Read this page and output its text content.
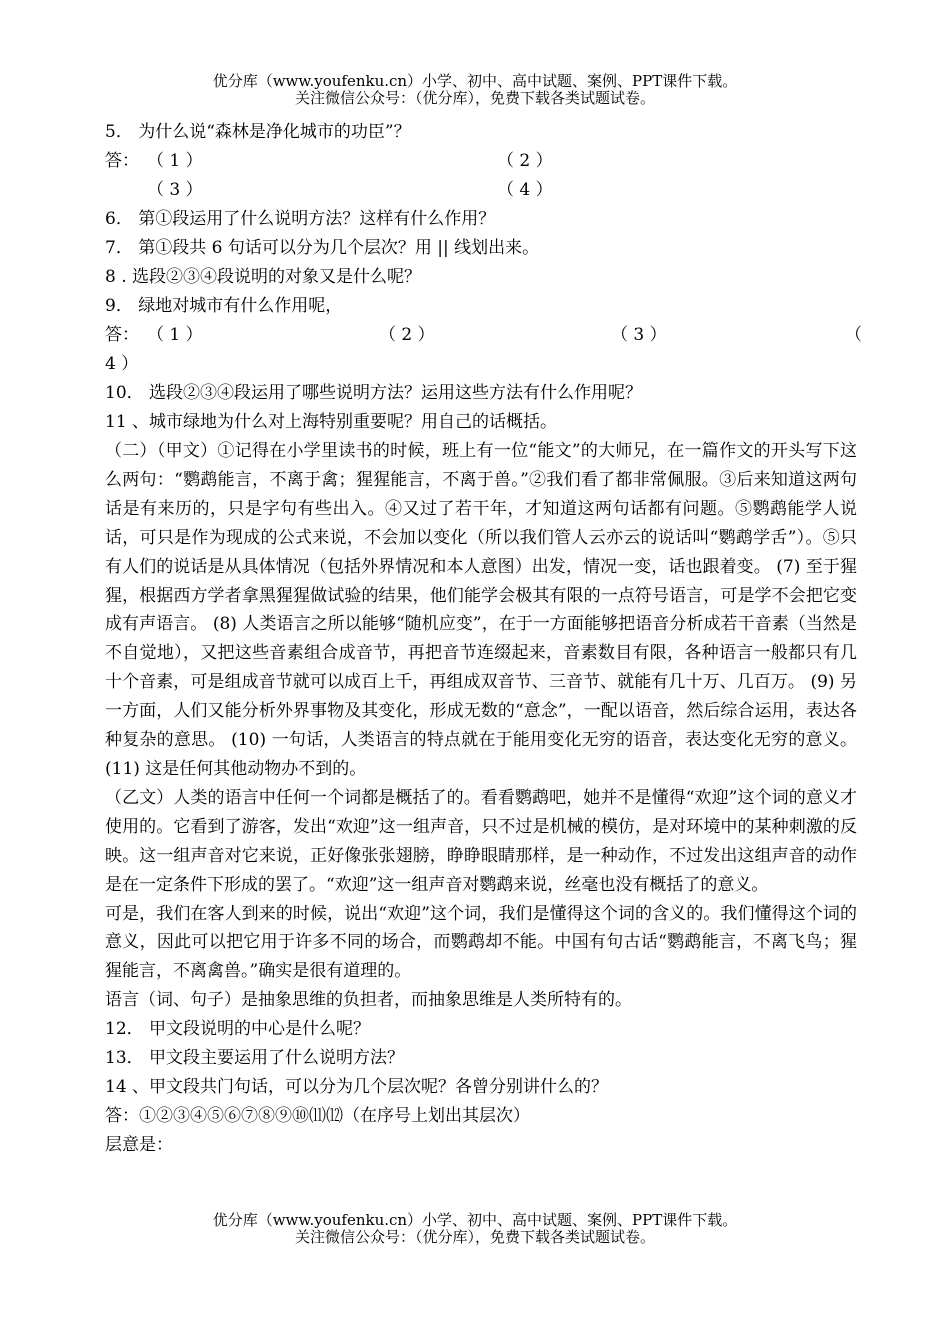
优分库（www.youfenku.cn）小学、初中、高中试题、案例、PPT课件下载。
关注微信公众号：（优分库），免费下载各类试题试卷。
5． 为什么说“森林是净化城市的功臣”？
答： （ 1 ）	（ 2 ）
（ 3 ）	（ 4 ）
6． 第①段运用了什么说明方法？这样有什么作用？
7． 第①段共 6 句话可以分为几个层次？用 || 线划出来。
8 . 选段②③④段说明的对象又是什么呢？
9． 绿地对城市有什么作用呢，
答： （ 1 ）	（ 2 ）	（ 3 ）	（
4 ）
10． 选段②③④段运用了哪些说明方法？运用这些方法有什么作用呢？
11 、城市绿地为什么对上海特别重要呢？用自己的话概括。
（二）（甲文）①记得在小学里读书的时候，班上有一位“能文”的大师兄，在一篇作文的开头写下这么两句：“鹦鹉能言，不离于禽；猩猩能言，不离于兽。”②我们看了都非常佩服。③后来知道这两句话是有来历的，只是字句有些出入。④又过了若干年，才知道这两句话都有问题。⑤鹦鹉能学人说话，可只是作为现成的公式来说，不会加以变化（所以我们管人云亦云的说话叫“鹦鹉学舌”）。⑤只有人们的说话是从具体情况（包括外界情况和本人意图）出发，情况一变，话也跟着变。 (7) 至于猩猩，根据西方学者拿黑猩猩做试验的结果，他们能学会极其有限的一点符号语言，可是学不会把它变成有声语言。 (8) 人类语言之所以能够“随机应变”，在于一方面能够把语音分析成若干音素（当然是不自觉地），又把这些音素组合成音节，再把音节连缀起来，音素数目有限，各种语言一般都只有几十个音素，可是组成音节就可以成百上千，再组成双音节、三音节、就能有几十万、几百万。 (9) 另一方面，人们又能分析外界事物及其变化，形成无数的“意念”，一配以语音，然后综合运用，表达各种复杂的意思。 (10) 一句话，人类语言的特点就在于能用变化无穷的语音，表达变化无穷的意义。 (11) 这是任何其他动物办不到的。
（乙文）人类的语言中任何一个词都是概括了的。看看鹦鹉吧，她并不是懂得“欢迎”这个词的意义才使用的。它看到了游客，发出“欢迎”这一组声音，只不过是机械的模仿，是对环境中的某种刺激的反映。这一组声音对它来说，正好像张张翅膀，睁睁眼睛那样，是一种动作，不过发出这组声音的动作是在一定条件下形成的罢了。“欢迎”这一组声音对鹦鹉来说，丝毫也没有概括了的意义。
可是，我们在客人到来的时候，说出“欢迎”这个词，我们是懂得这个词的含义的。我们懂得这个词的意义，因此可以把它用于许多不同的场合，而鹦鹉却不能。中国有句古话“鹦鹉能言，不离飞鸟；猩猩能言，不离禽兽。”确实是很有道理的。
语言（词、句子）是抽象思维的负担者，而抽象思维是人类所特有的。
12． 甲文段说明的中心是什么呢？
13． 甲文段主要运用了什么说明方法？
14 、甲文段共门句话，可以分为几个层次呢？各曾分别讲什么的？
答：①②③④⑤⑥⑦⑧⑨⑩⑾⑿（在序号上划出其层次）
层意是：
优分库（www.youfenku.cn）小学、初中、高中试题、案例、PPT课件下载。
关注微信公众号：（优分库），免费下载各类试题试卷。
